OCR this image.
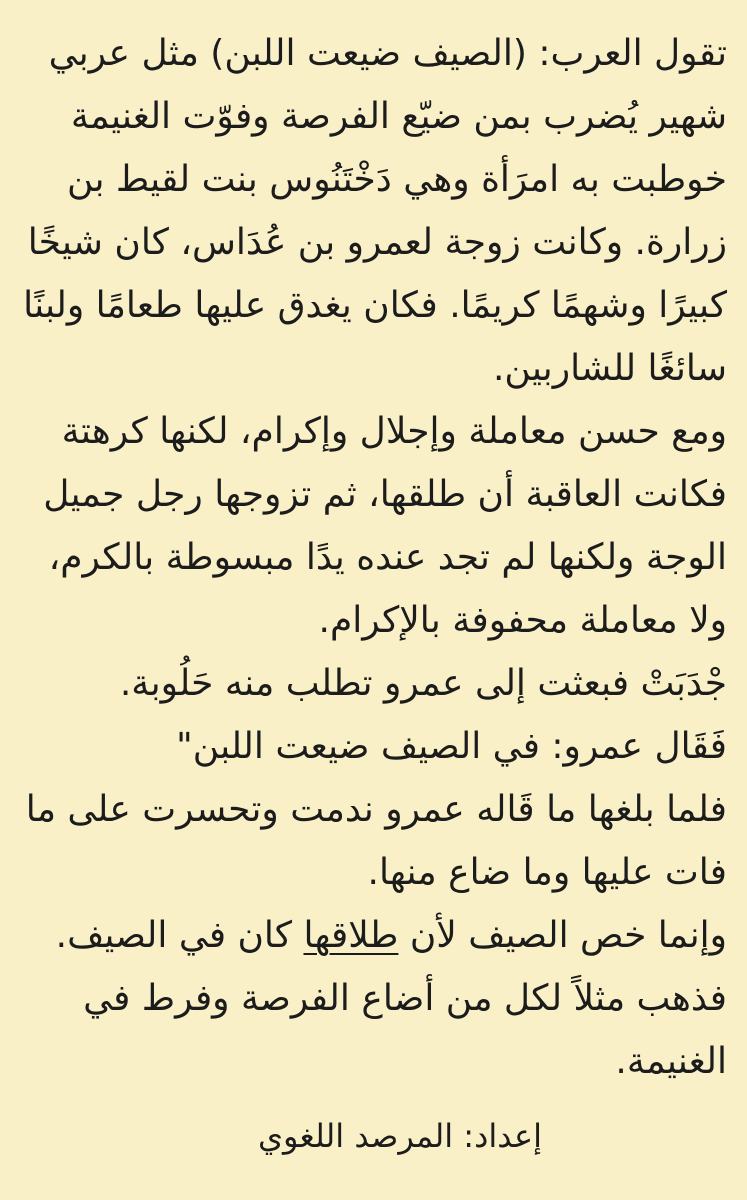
تقول العرب: (الصيف ضيعت اللبن) مثل عربي
شهير يُضرب بمن ضيّع الفرصة وفوّت الغنيمة
خوطبت به امرَأة وهي دَخْتَنُوس بنت لقيط بن
زرارة. وكانت زوجة لعمرو بن عُدَاس، كان شيخًا
كبيرًا وشهمًا كريمًا. فكان يغدق عليها طعامًا ولبنًا
سائغًا للشاربين.
ومع حسن معاملة وإجلال وإكرام، لكنها كرهتة
فكانت العاقبة أن طلقها، ثم تزوجها رجل جميل
الوجة ولكنها لم تجد عنده يدًا مبسوطة بالكرم،
ولا معاملة محفوفة بالإكرام.
جْدَبَتْ فبعثت إلى عمرو تطلب منه حَلُوبة.
فَقَال عمرو: في الصيف ضيعت اللبن"
فلما بلغها ما قَاله عمرو ندمت وتحسرت على ما
فات عليها وما ضاع منها.
وإنما خص الصيف لأن طلاقها كان في الصيف.
فذهب مثلاً لكل من أضاع الفرصة وفرط في
الغنيمة.
إعداد: المرصد اللغوي
